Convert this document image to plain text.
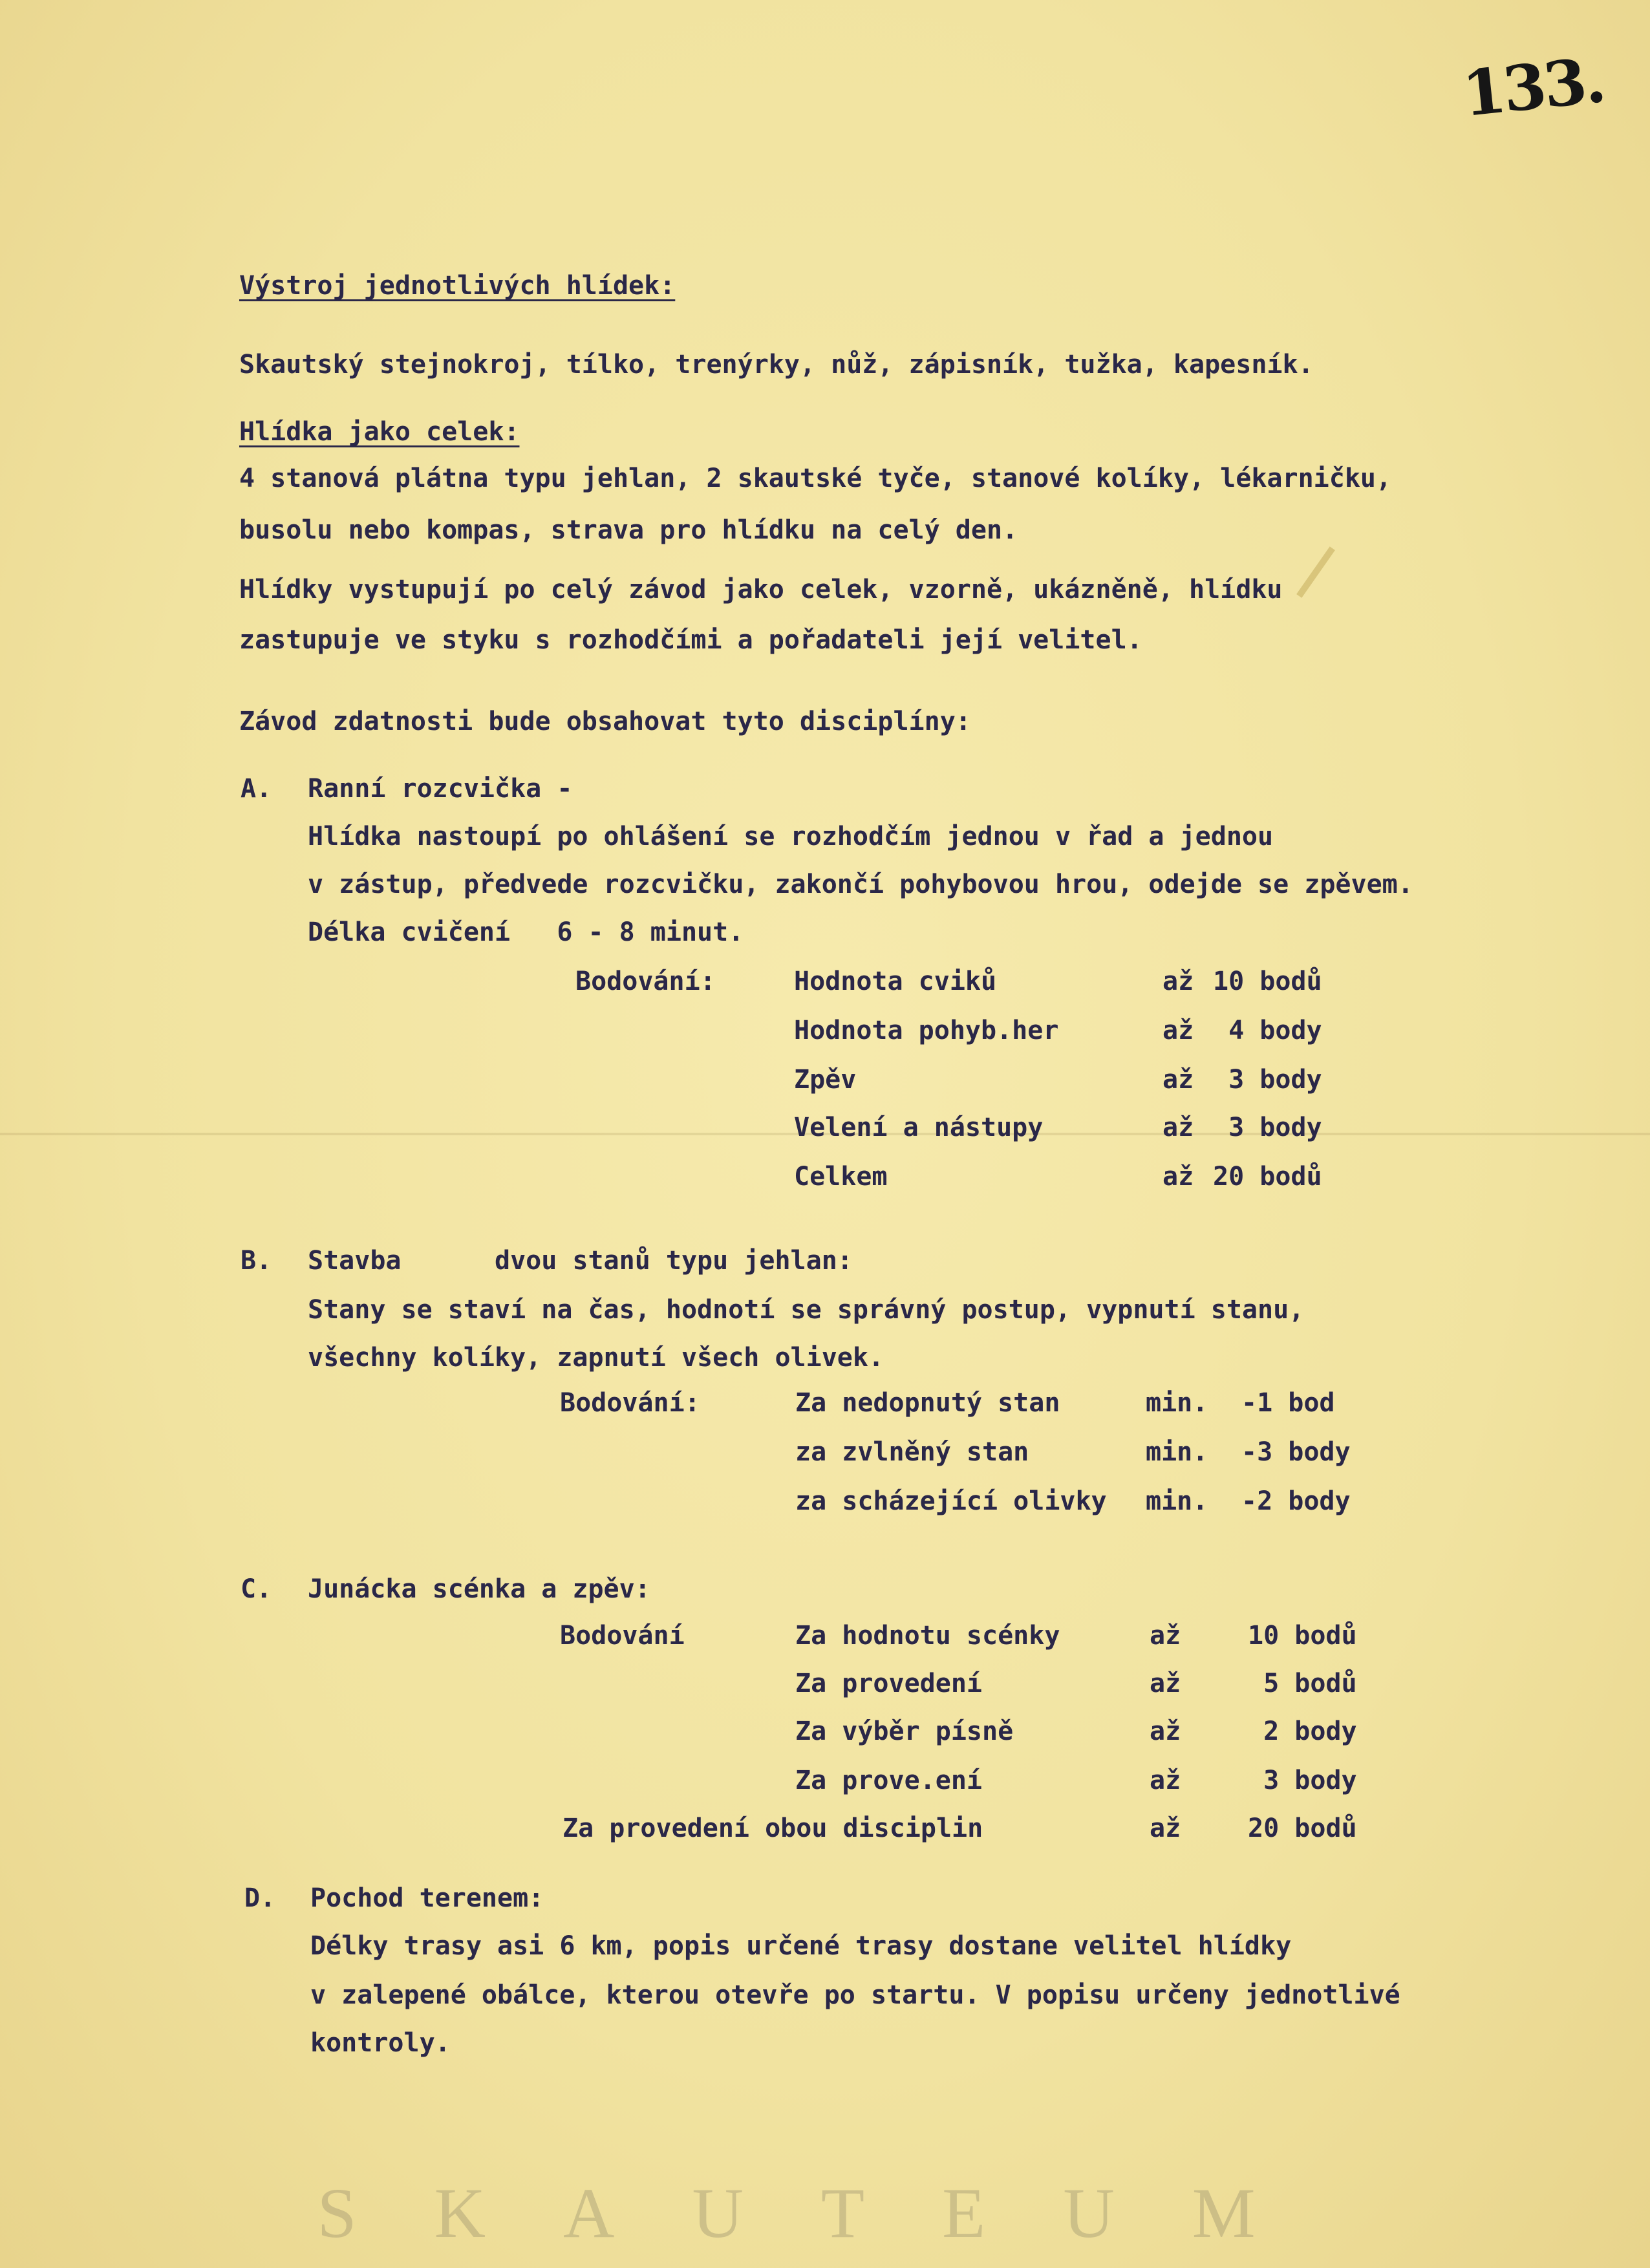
133.
Výstroj jednotlivých hlídek:
Skautský stejnokroj, tílko, trenýrky, nůž, zápisník, tužka, kapesník.
Hlídka jako celek:
4 stanová plátna typu jehlan, 2 skautské tyče, stanové kolíky, lékarničku,
busolu nebo kompas, strava pro hlídku na celý den.
Hlídky vystupují po celý závod jako celek, vzorně, ukázněně, hlídku
zastupuje ve styku s rozhodčími a pořadateli její velitel.
Závod zdatnosti bude obsahovat tyto disciplíny:
A. Ranní rozcvička -
Hlídka nastoupí po ohlášení se rozhodčím jednou v řad a jednou
v zástup, předvede rozcvičku, zakončí pohybovou hrou, odejde se zpěvem.
Délka cvičení   6 - 8 minut.
Bodování:	Hodnota cviků	až 10 bodů
Hodnota pohyb.her	až 4 body
Zpěv	až 3 body
Velení a nástupy	až 3 body
Celkem	až 20 bodů
B. Stavba      dvou stanů typu jehlan:
Stany se staví na čas, hodnotí se správný postup, vypnutí stanu,
všechny kolíky, zapnutí všech olivek.
Bodování:	Za nedopnutý stan	min. -1 bod
za zvlněný stan	min. -3 body
za scházející olivky min. -2 body
C. Junácka scénka a zpěv:
Bodování	Za hodnotu scénky	až	10 bodů
Za provedení	až	5 bodů
Za výběr písně	až	2 body
Za prove.ení	až	3 body
Za provedení obou disciplin	až	20 bodů
D. Pochod terenem:
Délky trasy asi 6 km, popis určené trasy dostane velitel hlídky
v zalepené obálce, kterou otevře po startu. V popisu určeny jednotlivé
kontroly.
SKAUTEUM
